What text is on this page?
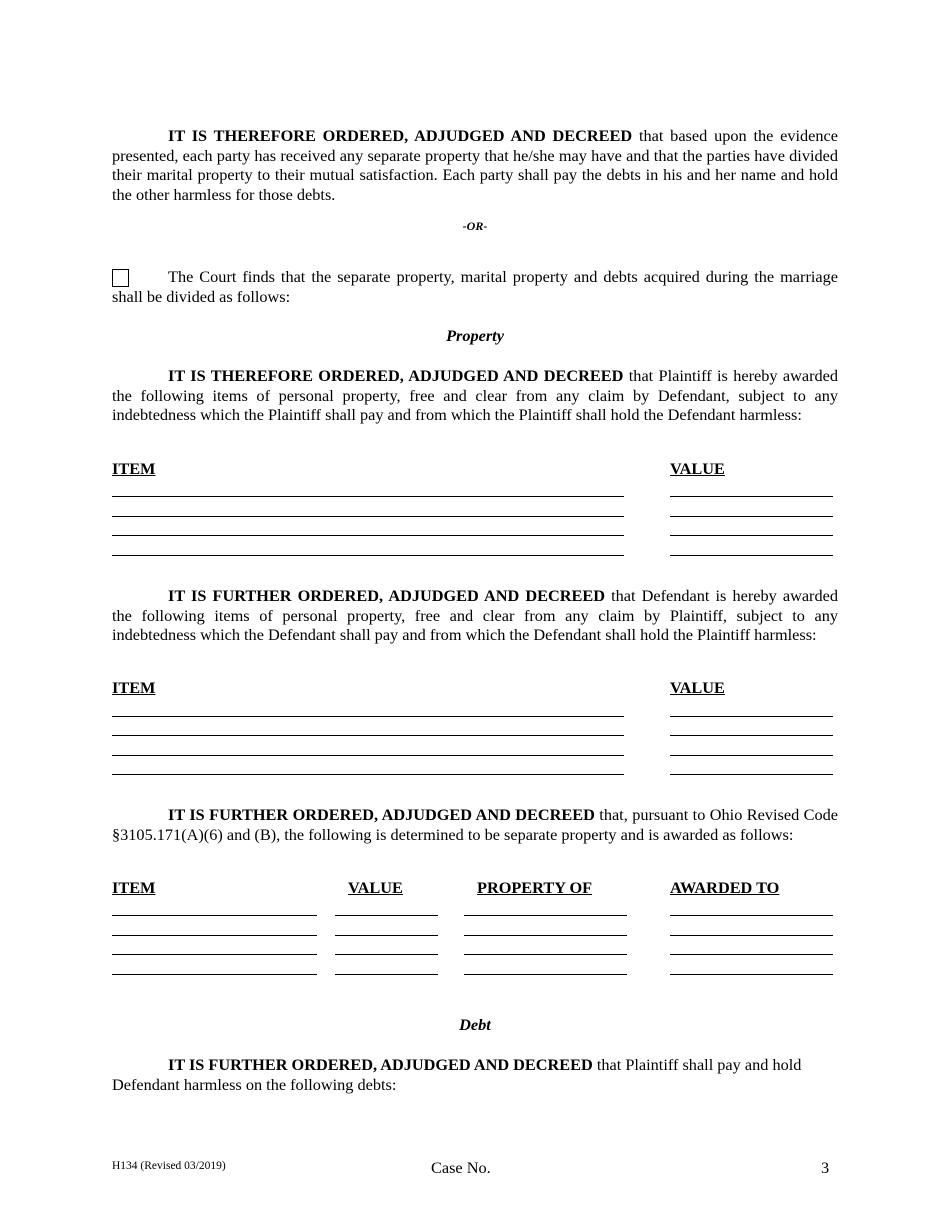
IT IS THEREFORE ORDERED, ADJUDGED AND DECREED that based upon the evidence presented, each party has received any separate property that he/she may have and that the parties have divided their marital property to their mutual satisfaction. Each party shall pay the debts in his and her name and hold the other harmless for those debts.

-OR-

The Court finds that the separate property, marital property and debts acquired during the marriage shall be divided as follows:

Property

IT IS THEREFORE ORDERED, ADJUDGED AND DECREED that Plaintiff is hereby awarded the following items of personal property, free and clear from any claim by Defendant, subject to any indebtedness which the Plaintiff shall pay and from which the Plaintiff shall hold the Defendant harmless:

ITEM	VALUE

IT IS FURTHER ORDERED, ADJUDGED AND DECREED that Defendant is hereby awarded the following items of personal property, free and clear from any claim by Plaintiff, subject to any indebtedness which the Defendant shall pay and from which the Defendant shall hold the Plaintiff harmless:

ITEM	VALUE

IT IS FURTHER ORDERED, ADJUDGED AND DECREED that, pursuant to Ohio Revised Code §3105.171(A)(6) and (B), the following is determined to be separate property and is awarded as follows:

ITEM	VALUE	PROPERTY OF	AWARDED TO
Debt

IT IS FURTHER ORDERED, ADJUDGED AND DECREED that Plaintiff shall pay and hold Defendant harmless on the following debts:

H134 (Revised 03/2019)	Case No.	3
